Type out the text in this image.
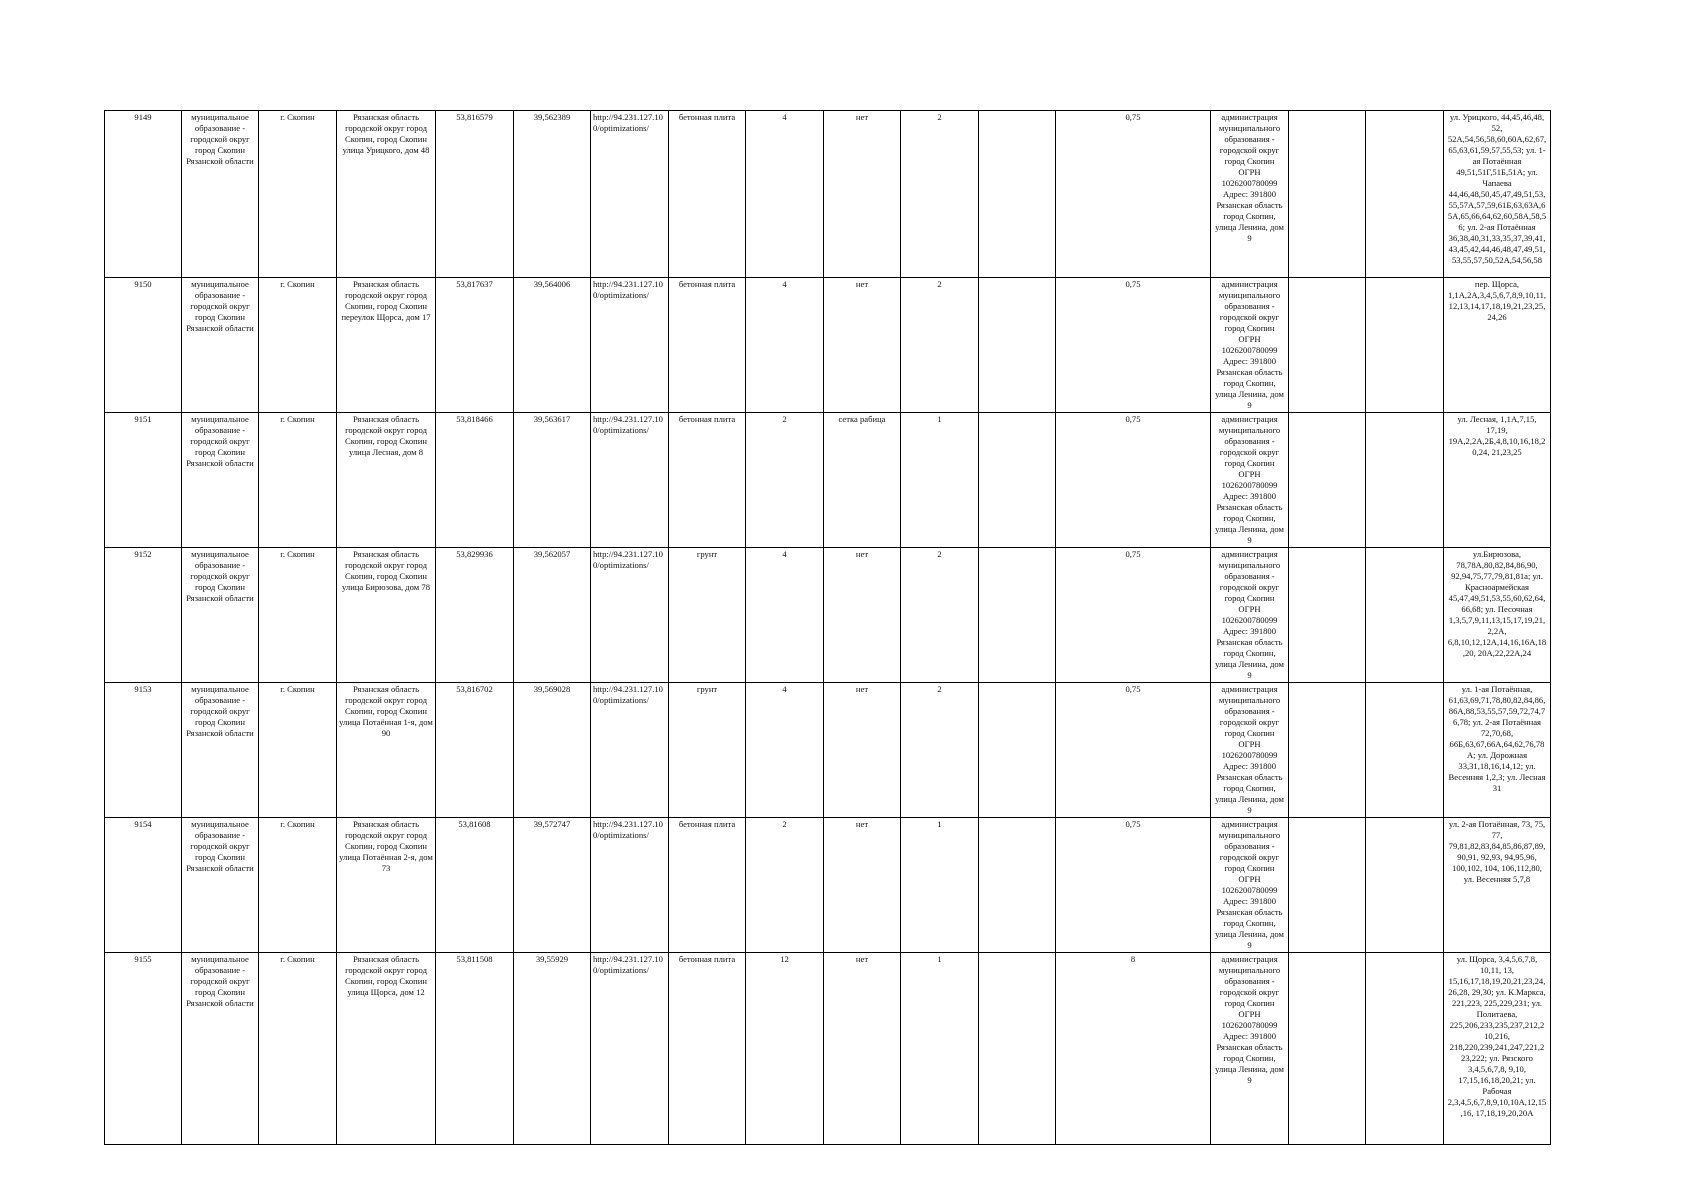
9149	муниципальное образование - городской округ город Скопин Рязанской области	г. Скопин	Рязанская область городской округ город Скопин, город Скопин улица Урицкого, дом 48	53,816579	39,562389	http://94.231.127.100/optimizations/	бетонная плита	4	нет	2		0,75	администрация муниципального образования - городской округ город Скопин ОГРН 1026200780099 Адрес: 391800 Рязанская область город Скопин, улица Ленина, дом 9			ул. Урицкого, 44,45,46,48, 52, 52А,54,56,58,60,60А,62,67, 65,63,61,59,57,55,53; ул. 1-ая Потаённая 49,51,51Г,51Б,51А; ул. Чапаева 44,46,48,50,45,47,49,51,53, 55,57А,57,59,61Б,63,63А,6 5А,65,66,64,62,60,58А,58,5 6; ул. 2-ая Потаённая 36,38,40,31,33,35,37,39,41, 43,45,42,44,46,48,47,49,51, 53,55,57,50,52А,54,56,58
9150	муниципальное образование - городской округ город Скопин Рязанской области	г. Скопин	Рязанская область городской округ город Скопин, город Скопин переулок Щорса, дом 17	53,817637	39,564006	http://94.231.127.100/optimizations/	бетонная плита	4	нет	2		0,75	администрация муниципального образования - городской округ город Скопин ОГРН 1026200780099 Адрес: 391800 Рязанская область город Скопин, улица Ленина, дом 9			пер. Щорса, 1,1А,2А,3,4,5,6,7,8,9,10,11, 12,13,14,17,18,19,21,23,25, 24,26
9151	муниципальное образование - городской округ город Скопин Рязанской области	г. Скопин	Рязанская область городской округ город Скопин, город Скопин улица Лесная, дом 8	53,818466	39,563617	http://94.231.127.100/optimizations/	бетонная плита	2	сетка рабица	1		0,75	администрация муниципального образования - городской округ город Скопин ОГРН 1026200780099 Адрес: 391800 Рязанская область город Скопин, улица Ленина, дом 9			ул. Лесная, 1,1А,7,15, 17,19, 19А,2,2А,2Б,4,8,10,16,18,2 0,24, 21,23,25
9152	муниципальное образование - городской округ город Скопин Рязанской области	г. Скопин	Рязанская область городской округ город Скопин, город Скопин улица Бирюзова, дом 78	53,829936	39,562057	http://94.231.127.100/optimizations/	грунт	4	нет	2		0,75	администрация муниципального образования - городской округ город Скопин ОГРН 1026200780099 Адрес: 391800 Рязанская область город Скопин, улица Ленина, дом 9			ул.Бирюзова, 78,78А,80,82,84,86,90, 92,94,75,77,79,81,81а; ул. Красноармейская 45,47,49,51,53,55,60,62,64, 66,68; ул. Песочная 1,3,5,7,9,11,13,15,17,19,21, 2,2А, 6,8,10,12,12А,14,16,16А,18 ,20, 20А,22,22А,24
9153	муниципальное образование - городской округ город Скопин Рязанской области	г. Скопин	Рязанская область городской округ город Скопин, город Скопин улица Потаённая 1-я, дом 90	53,816702	39,569028	http://94.231.127.100/optimizations/	грунт	4	нет	2		0,75	администрация муниципального образования - городской округ город Скопин ОГРН 1026200780099 Адрес: 391800 Рязанская область город Скопин, улица Ленина, дом 9			ул. 1-ая Потаённая, 61,63,69,71,78,80,82,84,86, 86А,88,53,55,57,59,72,74,7 6,78; ул. 2-ая Потаённая 72,70,68, 66Б,63,67,66А,64,62,76,78 А; ул. Дорожная 33,31,18,16,14,12; ул. Весенняя 1,2,3; ул. Лесная 31
9154	муниципальное образование - городской округ город Скопин Рязанской области	г. Скопин	Рязанская область городской округ город Скопин, город Скопин улица Потаённая 2-я, дом 73	53,81608	39,572747	http://94.231.127.100/optimizations/	бетонная плита	2	нет	1		0,75	администрация муниципального образования - городской округ город Скопин ОГРН 1026200780099 Адрес: 391800 Рязанская область город Скопин, улица Ленина, дом 9			ул. 2-ая Потаённая, 73, 75, 77, 79,81,82,83,84,85,86,87,89, 90,91, 92,93, 94,95,96, 100,102, 104, 106,112,80, ул. Весенняя 5,7,8
9155	муниципальное образование - городской округ город Скопин Рязанской области	г. Скопин	Рязанская область городской округ город Скопин, город Скопин улица Щорса, дом 12	53,811508	39,55929	http://94.231.127.100/optimizations/	бетонная плита	12	нет	1		8	администрация муниципального образования - городской округ город Скопин ОГРН 1026200780099 Адрес: 391800 Рязанская область город Скопин, улица Ленина, дом 9			ул. Щорса, 3,4,5,6,7,8, 10,11, 13, 15,16,17,18,19,20,21,23,24, 26,28, 29,30; ул. К.Маркса, 221,223, 225,229,231; ул. Политаева, 225,206,233,235,237,212,2 10,216, 218,220,239,241,247,221,2 23,222; ул. Рязского 3,4,5,6,7,8, 9,10, 17,15,16,18,20,21; ул. Рабочая 2,3,4,5,6,7,8,9,10,10А,12,15 ,16, 17,18,19,20,20А
